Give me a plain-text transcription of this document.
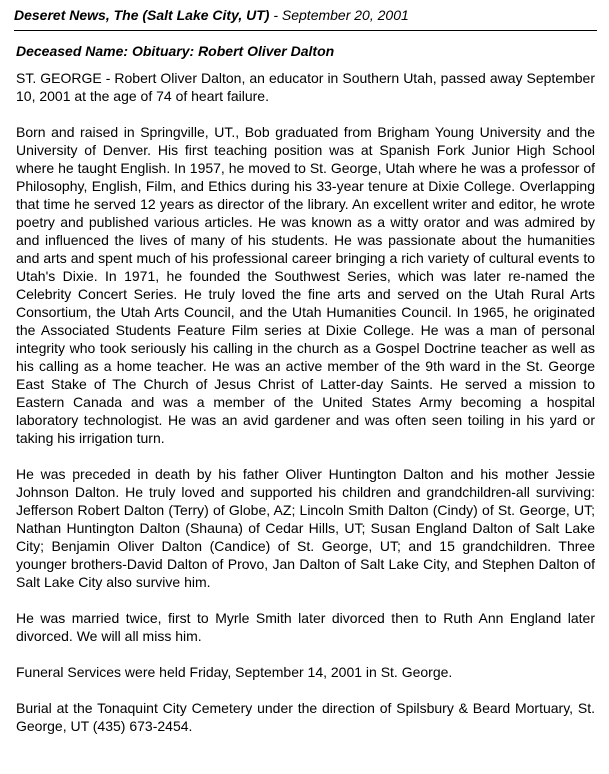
Deseret News, The (Salt Lake City, UT) - September 20, 2001
Deceased Name: Obituary: Robert Oliver Dalton

ST. GEORGE - Robert Oliver Dalton, an educator in Southern Utah, passed away September 10, 2001 at the age of 74 of heart failure.

Born and raised in Springville, UT., Bob graduated from Brigham Young University and the University of Denver. His first teaching position was at Spanish Fork Junior High School where he taught English. In 1957, he moved to St. George, Utah where he was a professor of Philosophy, English, Film, and Ethics during his 33-year tenure at Dixie College. Overlapping that time he served 12 years as director of the library. An excellent writer and editor, he wrote poetry and published various articles. He was known as a witty orator and was admired by and influenced the lives of many of his students. He was passionate about the humanities and arts and spent much of his professional career bringing a rich variety of cultural events to Utah's Dixie. In 1971, he founded the Southwest Series, which was later re-named the Celebrity Concert Series. He truly loved the fine arts and served on the Utah Rural Arts Consortium, the Utah Arts Council, and the Utah Humanities Council. In 1965, he originated the Associated Students Feature Film series at Dixie College. He was a man of personal integrity who took seriously his calling in the church as a Gospel Doctrine teacher as well as his calling as a home teacher. He was an active member of the 9th ward in the St. George East Stake of The Church of Jesus Christ of Latter-day Saints. He served a mission to Eastern Canada and was a member of the United States Army becoming a hospital laboratory technologist. He was an avid gardener and was often seen toiling in his yard or taking his irrigation turn.

He was preceded in death by his father Oliver Huntington Dalton and his mother Jessie Johnson Dalton. He truly loved and supported his children and grandchildren-all surviving: Jefferson Robert Dalton (Terry) of Globe, AZ; Lincoln Smith Dalton (Cindy) of St. George, UT; Nathan Huntington Dalton (Shauna) of Cedar Hills, UT; Susan England Dalton of Salt Lake City; Benjamin Oliver Dalton (Candice) of St. George, UT; and 15 grandchildren. Three younger brothers-David Dalton of Provo, Jan Dalton of Salt Lake City, and Stephen Dalton of Salt Lake City also survive him.

He was married twice, first to Myrle Smith later divorced then to Ruth Ann England later divorced. We will all miss him.

Funeral Services were held Friday, September 14, 2001 in St. George.

Burial at the Tonaquint City Cemetery under the direction of Spilsbury & Beard Mortuary, St. George, UT (435) 673-2454.
